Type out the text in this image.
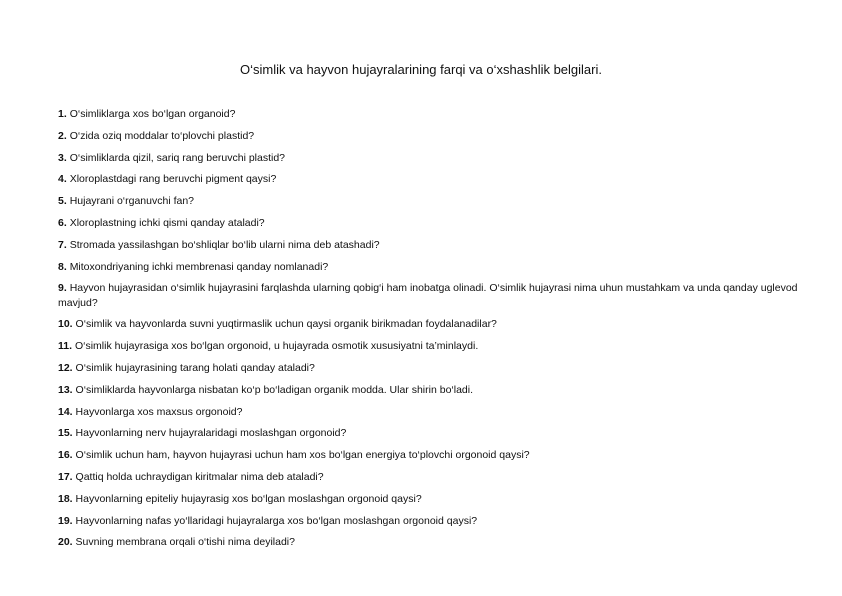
O‘simlik va hayvon hujayralarining farqi va o‘xshashlik belgilari.
1. O‘simliklarga xos bo‘lgan organoid?
2. O‘zida oziq moddalar to‘plovchi plastid?
3. O‘simliklarda qizil, sariq rang beruvchi plastid?
4. Xloroplastdagi rang beruvchi pigment qaysi?
5. Hujayrani o‘rganuvchi fan?
6. Xloroplastning ichki qismi qanday ataladi?
7. Stromada yassilashgan bo‘shliqlar bo‘lib ularni nima deb atashadi?
8. Mitoxondriyaning ichki membrenasi qanday nomlanadi?
9. Hayvon hujayrasidan o‘simlik hujayrasini farqlashda ularning qobig‘i ham inobatga olinadi. O‘simlik hujayrasi nima uhun mustahkam va unda qanday uglevod mavjud?
10. O‘simlik va hayvonlarda suvni yuqtirmaslik uchun qaysi organik birikmadan foydalanadilar?
11. O‘simlik hujayrasiga xos bo‘lgan orgonoid, u hujayrada osmotik xususiyatni ta’minlaydi.
12. O‘simlik hujayrasining tarang holati qanday ataladi?
13. O‘simliklarda hayvonlarga nisbatan ko‘p bo‘ladigan organik modda. Ular shirin bo‘ladi.
14. Hayvonlarga xos maxsus orgonoid?
15. Hayvonlarning nerv hujayralaridagi moslashgan orgonoid?
16. O‘simlik uchun ham, hayvon hujayrasi uchun ham xos bo‘lgan energiya to‘plovchi orgonoid qaysi?
17. Qattiq holda uchraydigan kiritmalar nima deb ataladi?
18. Hayvonlarning epiteliy hujayrasig xos bo‘lgan moslashgan orgonoid qaysi?
19. Hayvonlarning nafas yo‘llaridagi hujayralarga xos bo‘lgan moslashgan orgonoid qaysi?
20. Suvning membrana orqali o‘tishi nima deyiladi?
